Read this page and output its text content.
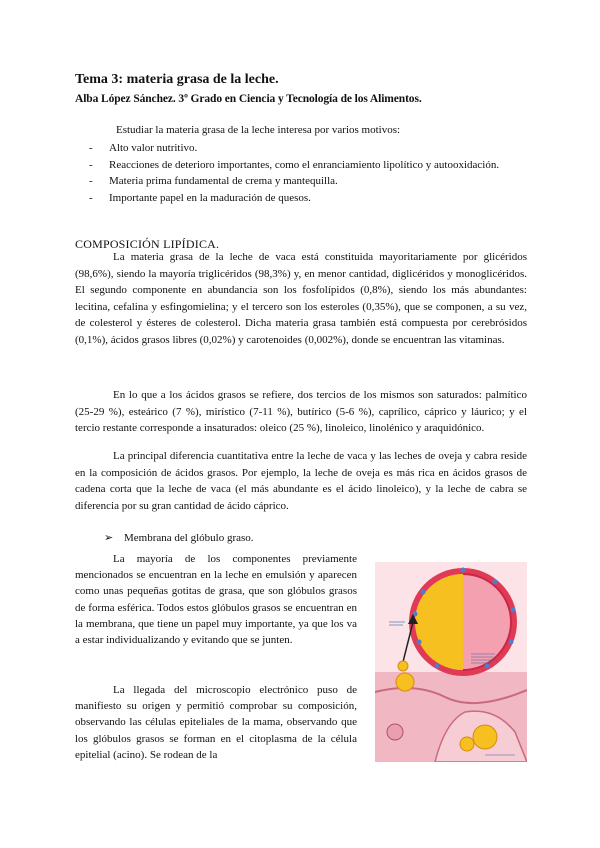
Tema 3: materia grasa de la leche.
Alba López Sánchez. 3º Grado en Ciencia y Tecnología de los Alimentos.
Estudiar la materia grasa de la leche interesa por varios motivos:
- Alto valor nutritivo.
- Reacciones de deterioro importantes, como el enranciamiento lipolítico y autooxidación.
- Materia prima fundamental de crema y mantequilla.
- Importante papel en la maduración de quesos.
COMPOSICIÓN LIPÍDICA.

La materia grasa de la leche de vaca está constituida mayoritariamente por glicéridos (98,6%), siendo la mayoría triglicéridos (98,3%) y, en menor cantidad, diglicéridos y monoglicéridos. El segundo componente en abundancia son los fosfolípidos (0,8%), siendo los más abundantes: lecitina, cefalina y esfingomielina; y el tercero son los esteroles (0,35%), que se componen, a su vez, de colesterol y ésteres de colesterol. Dicha materia grasa también está compuesta por cerebrósidos (0,1%), ácidos grasos libres (0,02%) y carotenoides (0,002%), donde se encuentran las vitaminas.

En lo que a los ácidos grasos se refiere, dos tercios de los mismos son saturados: palmítico (25-29 %), esteárico (7 %), mirístico (7-11 %), butírico (5-6 %), caprílico, cáprico y láurico; y el tercio restante corresponde a insaturados: oleico (25 %), linoleico, linolénico y araquidónico.

La principal diferencia cuantitativa entre la leche de vaca y las leches de oveja y cabra reside en la composición de ácidos grasos. Por ejemplo, la leche de oveja es más rica en ácidos grasos de cadena corta que la leche de vaca (el más abundante es el ácido linoleico), y la leche de cabra se diferencia por su gran cantidad de ácido cáprico.

➢ Membrana del glóbulo graso.

La mayoría de los componentes previamente mencionados se encuentran en la leche en emulsión y aparecen como unas pequeñas gotitas de grasa, que son glóbulos grasos de forma esférica. Todos estos glóbulos grasos se encuentran en la membrana, que tiene un papel muy importante, ya que los va a estar individualizando y evitando que se junten.

La llegada del microscopio electrónico puso de manifiesto su origen y permitió comprobar su composición, observando las células epiteliales de la mama, observando que los glóbulos grasos se forman en el citoplasma de la célula epitelial (acino). Se rodean de la
